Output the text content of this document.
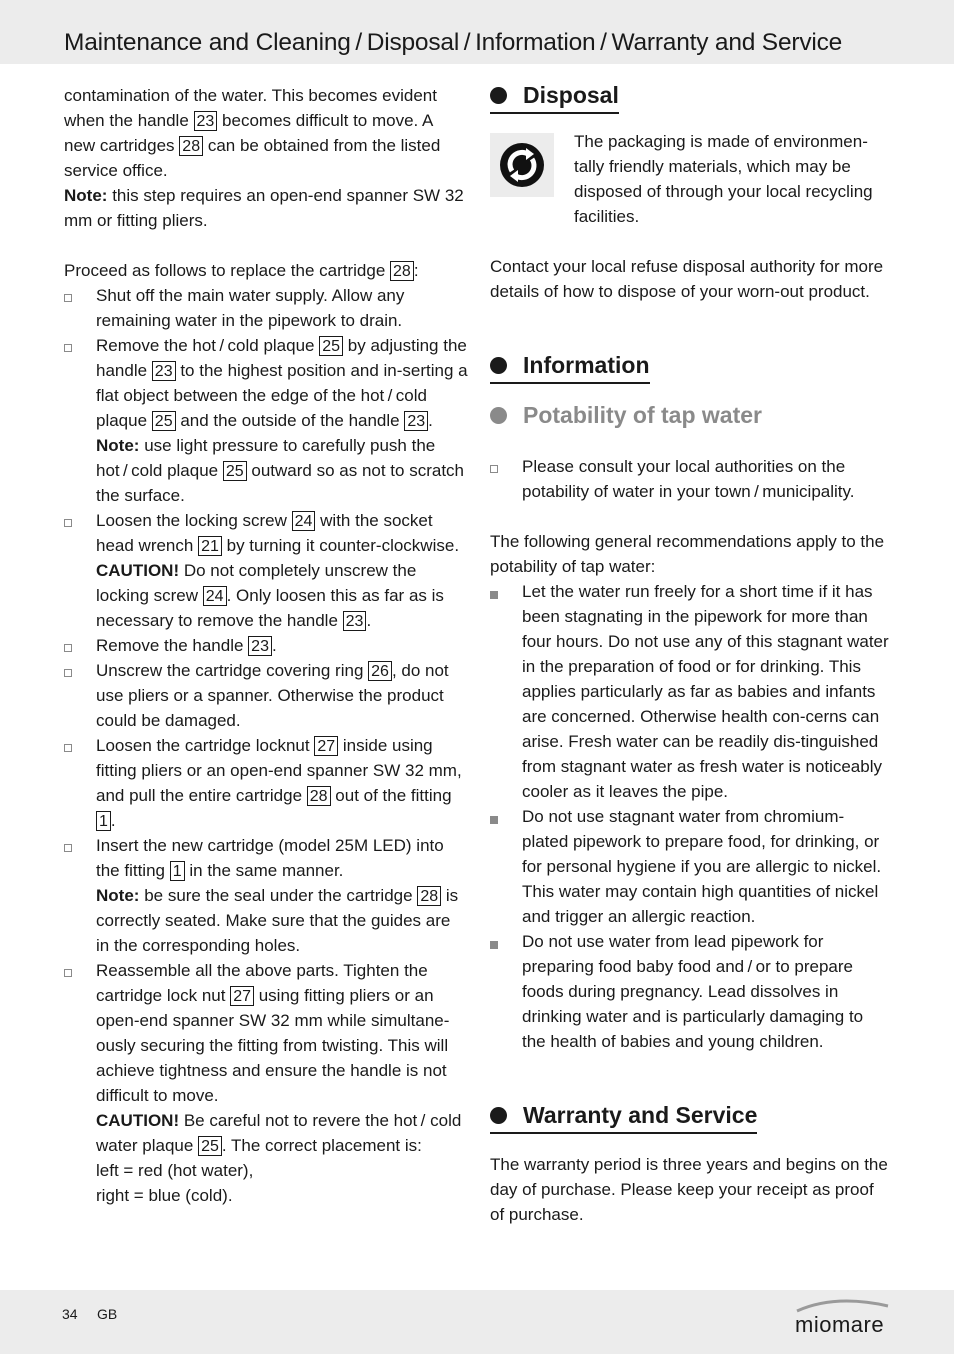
Maintenance and Cleaning / Disposal / Information / Warranty and Service

contamination of the water. This becomes evident when the handle 23 becomes difficult to move. A new cartridges 28 can be obtained from the listed service office.

Note: this step requires an open-end spanner SW 32 mm or fitting pliers.

Proceed as follows to replace the cartridge 28 :

Shut off the main water supply. Allow any remaining water in the pipework to drain.
Remove the hot / cold plaque 25 by adjusting the handle 23 to the highest position and in-serting a flat object between the edge of the hot / cold plaque 25 and the outside of the handle 23 .
Note: use light pressure to carefully push the hot / cold plaque 25 outward so as not to scratch the surface.
Loosen the locking screw 24 with the socket head wrench 21 by turning it counter-clockwise. CAUTION! Do not completely unscrew the locking screw 24 . Only loosen this as far as is necessary to remove the handle 23 .
Remove the handle 23 .
Unscrew the cartridge covering ring 26 , do not use pliers or a spanner. Otherwise the product could be damaged.
Loosen the cartridge locknut 27 inside using fitting pliers or an open-end spanner SW 32 mm, and pull the entire cartridge 28 out of the fitting 1 .
Insert the new cartridge (model 25M LED) into the fitting 1 in the same manner.
Note: be sure the seal under the cartridge 28 is correctly seated. Make sure that the guides are in the corresponding holes.
Reassemble all the above parts. Tighten the cartridge lock nut 27 using fitting pliers or an open-end spanner SW 32 mm while simultane-ously securing the fitting from twisting. This will achieve tightness and ensure the handle is not difficult to move.
CAUTION! Be careful not to revere the hot / cold water plaque 25 . The correct placement is:
left = red (hot water),
right = blue (cold).
Disposal

The packaging is made of environmen-tally friendly materials, which may be disposed of through your local recycling facilities.

Contact your local refuse disposal authority for more details of how to dispose of your worn-out product.

Information
Potability of tap water
Please consult your local authorities on the potability of water in your town / municipality.

The following general recommendations apply to the potability of tap water:

Let the water run freely for a short time if it has been stagnating in the pipework for more than four hours. Do not use any of this stagnant water in the preparation of food or for drinking. This applies particularly as far as babies and infants are concerned. Otherwise health con-cerns can arise. Fresh water can be readily dis-tinguished from stagnant water as fresh water is noticeably cooler as it leaves the pipe.
Do not use stagnant water from chromium-plated pipework to prepare food, for drinking, or for personal hygiene if you are allergic to nickel. This water may contain high quantities of nickel and trigger an allergic reaction.
Do not use water from lead pipework for preparing food baby food and / or to prepare foods during pregnancy. Lead dissolves in drinking water and is particularly damaging to the health of babies and young children.
Warranty and Service

The warranty period is three years and begins on the day of purchase. Please keep your receipt as proof of purchase.

34 GB	miomare
